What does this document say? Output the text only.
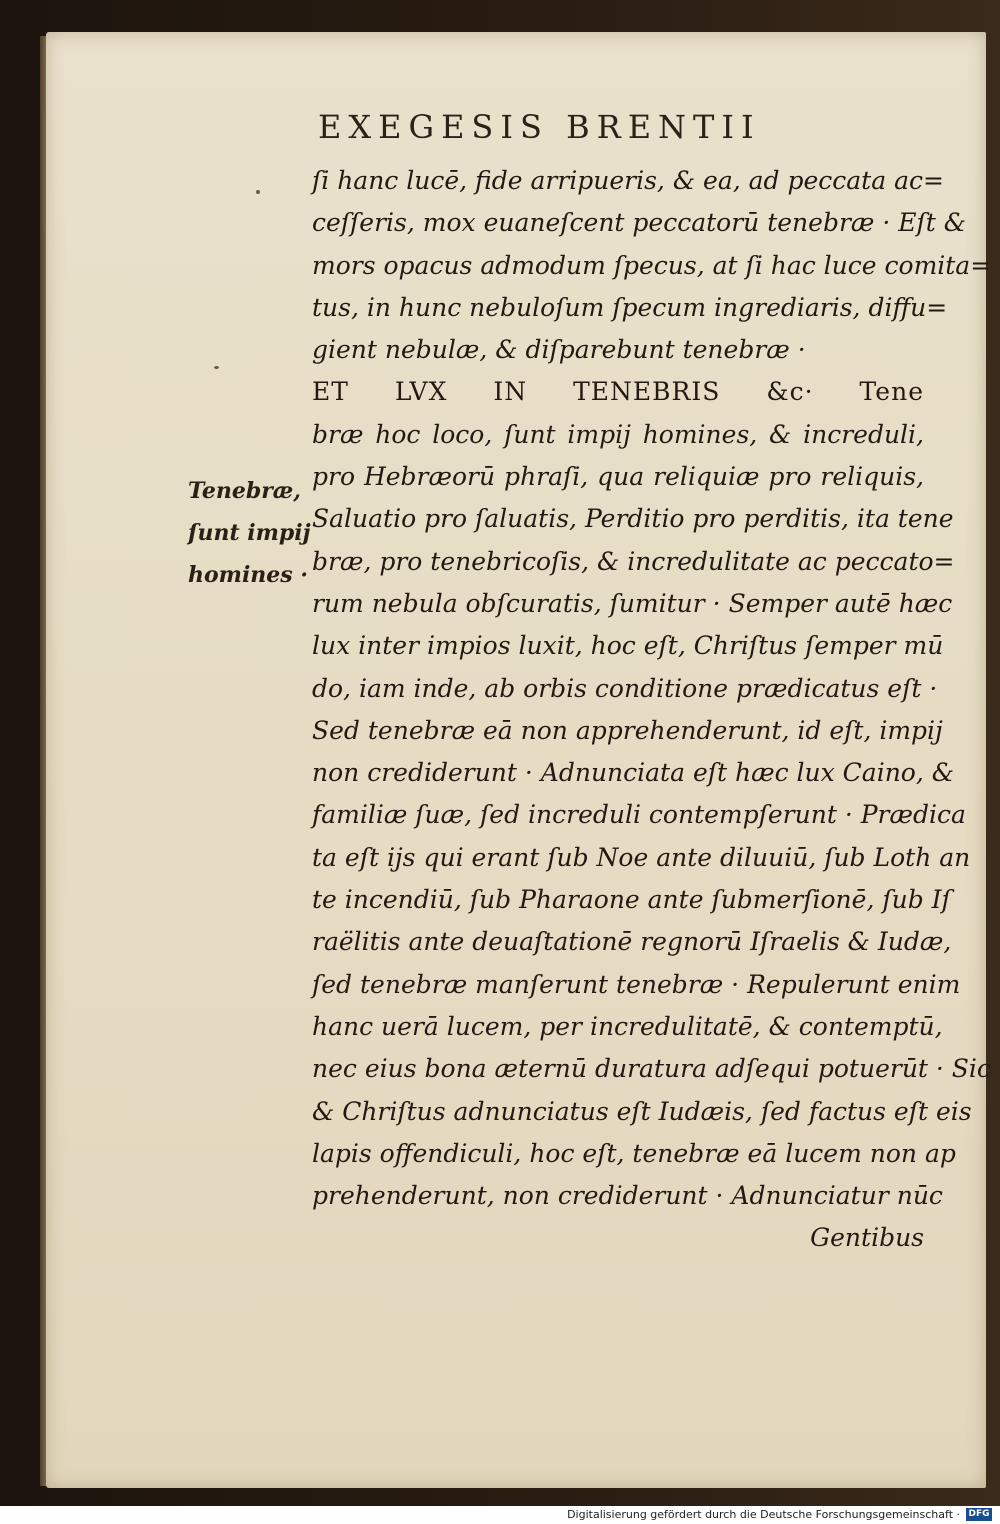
EXEGESIS BRENTII
Tenebræ,
ſunt impij
homines ·
ſi hanc lucē, fide arripueris, & ea, ad peccata ac=
ceſſeris, mox euaneſcent peccatorū tenebræ · Eſt &
mors opacus admodum ſpecus, at ſi hac luce comita=
tus, in hunc nebuloſum ſpecum ingrediaris, diffu=
gient nebulæ, & diſparebunt tenebræ ·
ET LVX IN TENEBRIS &c· Tene
bræ hoc loco, ſunt impij homines, & increduli,
pro Hebræorū phraſi, qua reliquiæ pro reliquis,
Saluatio pro ſaluatis, Perditio pro perditis, ita tene
bræ, pro tenebricoſis, & incredulitate ac peccato=
rum nebula obſcuratis, ſumitur · Semper autē hæc
lux inter impios luxit, hoc eſt, Chriſtus ſemper mū
do, iam inde, ab orbis conditione prædicatus eſt ·
Sed tenebræ eā non apprehenderunt, id eſt, impij
non crediderunt · Adnunciata eſt hæc lux Caino, &
familiæ ſuæ, ſed increduli contempſerunt · Prædica
ta eſt ijs qui erant ſub Noe ante diluuiū, ſub Loth an
te incendiū, ſub Pharaone ante ſubmerſionē, ſub Iſ
raëlitis ante deuaſtationē regnorū Iſraelis & Iudæ,
ſed tenebræ manſerunt tenebræ · Repulerunt enim
hanc uerā lucem, per incredulitatē, & contemptū,
nec eius bona æternū duratura adſequi potuerūt · Sic
& Chriſtus adnunciatus eſt Iudæis, ſed factus eſt eis
lapis offendiculi, hoc eſt, tenebræ eā lucem non ap
prehenderunt, non crediderunt · Adnunciatur nūc
Gentibus
Digitalisierung gefördert durch die Deutsche Forschungsgemeinschaft · DFG
